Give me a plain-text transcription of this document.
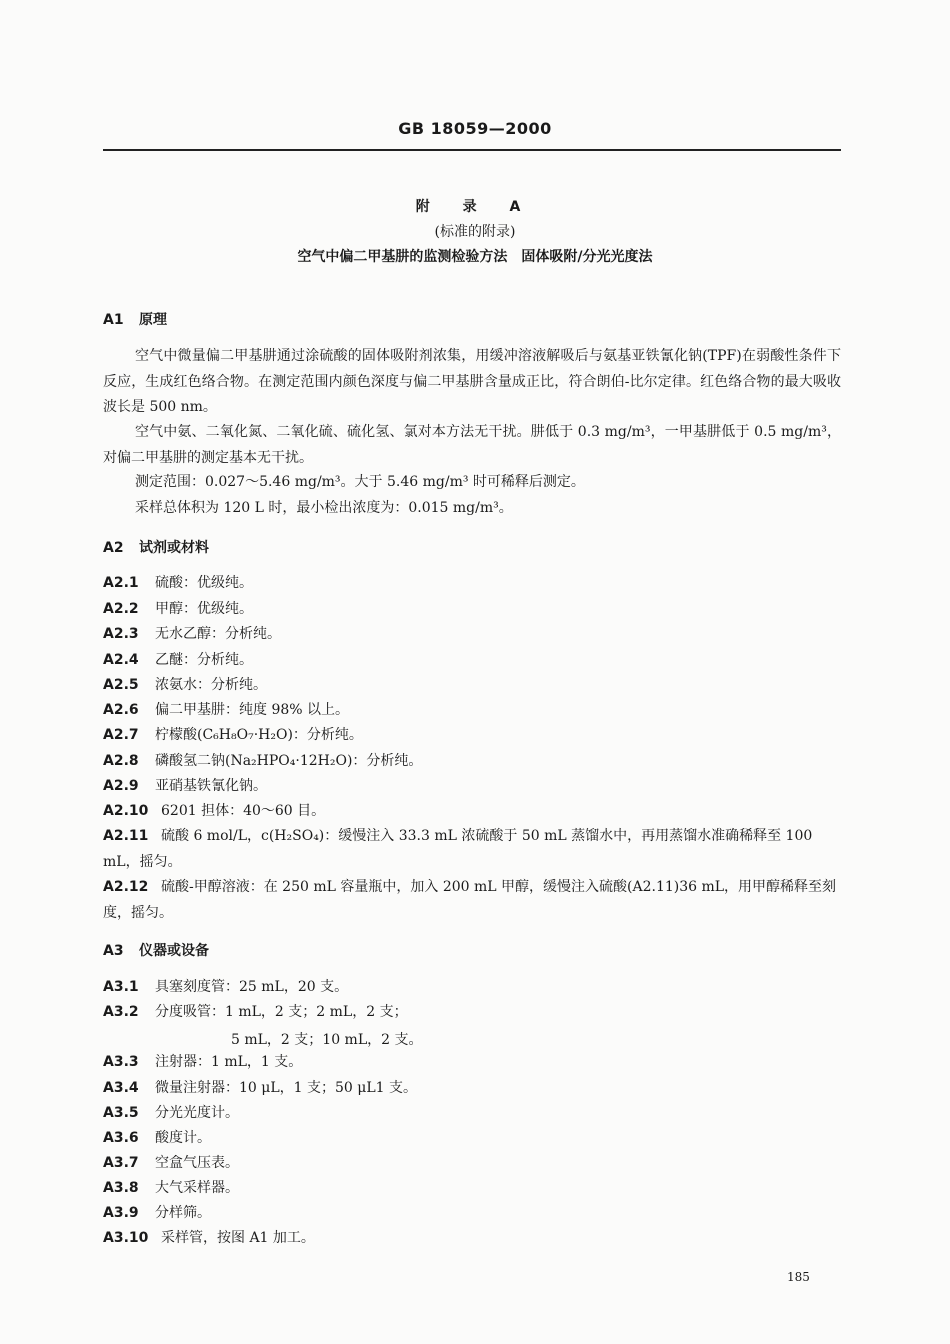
GB 18059—2000
附 录 A
(标准的附录)
空气中偏二甲基肼的监测检验方法　固体吸附/分光光度法
A1 原理
空气中微量偏二甲基肼通过涂硫酸的固体吸附剂浓集，用缓冲溶液解吸后与氨基亚铁氰化钠(TPF)在弱酸性条件下反应，生成红色络合物。在测定范围内颜色深度与偏二甲基肼含量成正比，符合朗伯-比尔定律。红色络合物的最大吸收波长是 500 nm。
空气中氨、二氧化氮、二氧化硫、硫化氢、氯对本方法无干扰。肼低于 0.3 mg/m³，一甲基肼低于 0.5 mg/m³，对偏二甲基肼的测定基本无干扰。
测定范围：0.027～5.46 mg/m³。大于 5.46 mg/m³ 时可稀释后测定。
采样总体积为 120 L 时，最小检出浓度为：0.015 mg/m³。
A2 试剂或材料
A2.1 硫酸：优级纯。
A2.2 甲醇：优级纯。
A2.3 无水乙醇：分析纯。
A2.4 乙醚：分析纯。
A2.5 浓氨水：分析纯。
A2.6 偏二甲基肼：纯度 98% 以上。
A2.7 柠檬酸(C₆H₈O₇·H₂O)：分析纯。
A2.8 磷酸氢二钠(Na₂HPO₄·12H₂O)：分析纯。
A2.9 亚硝基铁氰化钠。
A2.10 6201 担体：40～60 目。
A2.11 硫酸 6 mol/L，c(H₂SO₄)：缓慢注入 33.3 mL 浓硫酸于 50 mL 蒸馏水中，再用蒸馏水准确稀释至 100 mL，摇匀。
A2.12 硫酸-甲醇溶液：在 250 mL 容量瓶中，加入 200 mL 甲醇，缓慢注入硫酸(A2.11)36 mL，用甲醇稀释至刻度，摇匀。
A3 仪器或设备
A3.1 具塞刻度管：25 mL，20 支。
A3.2 分度吸管：1 mL，2 支；2 mL，2 支；
5 mL，2 支；10 mL，2 支。
A3.3 注射器：1 mL，1 支。
A3.4 微量注射器：10 μL，1 支；50 μL1 支。
A3.5 分光光度计。
A3.6 酸度计。
A3.7 空盒气压表。
A3.8 大气采样器。
A3.9 分样筛。
A3.10 采样管，按图 A1 加工。
185
